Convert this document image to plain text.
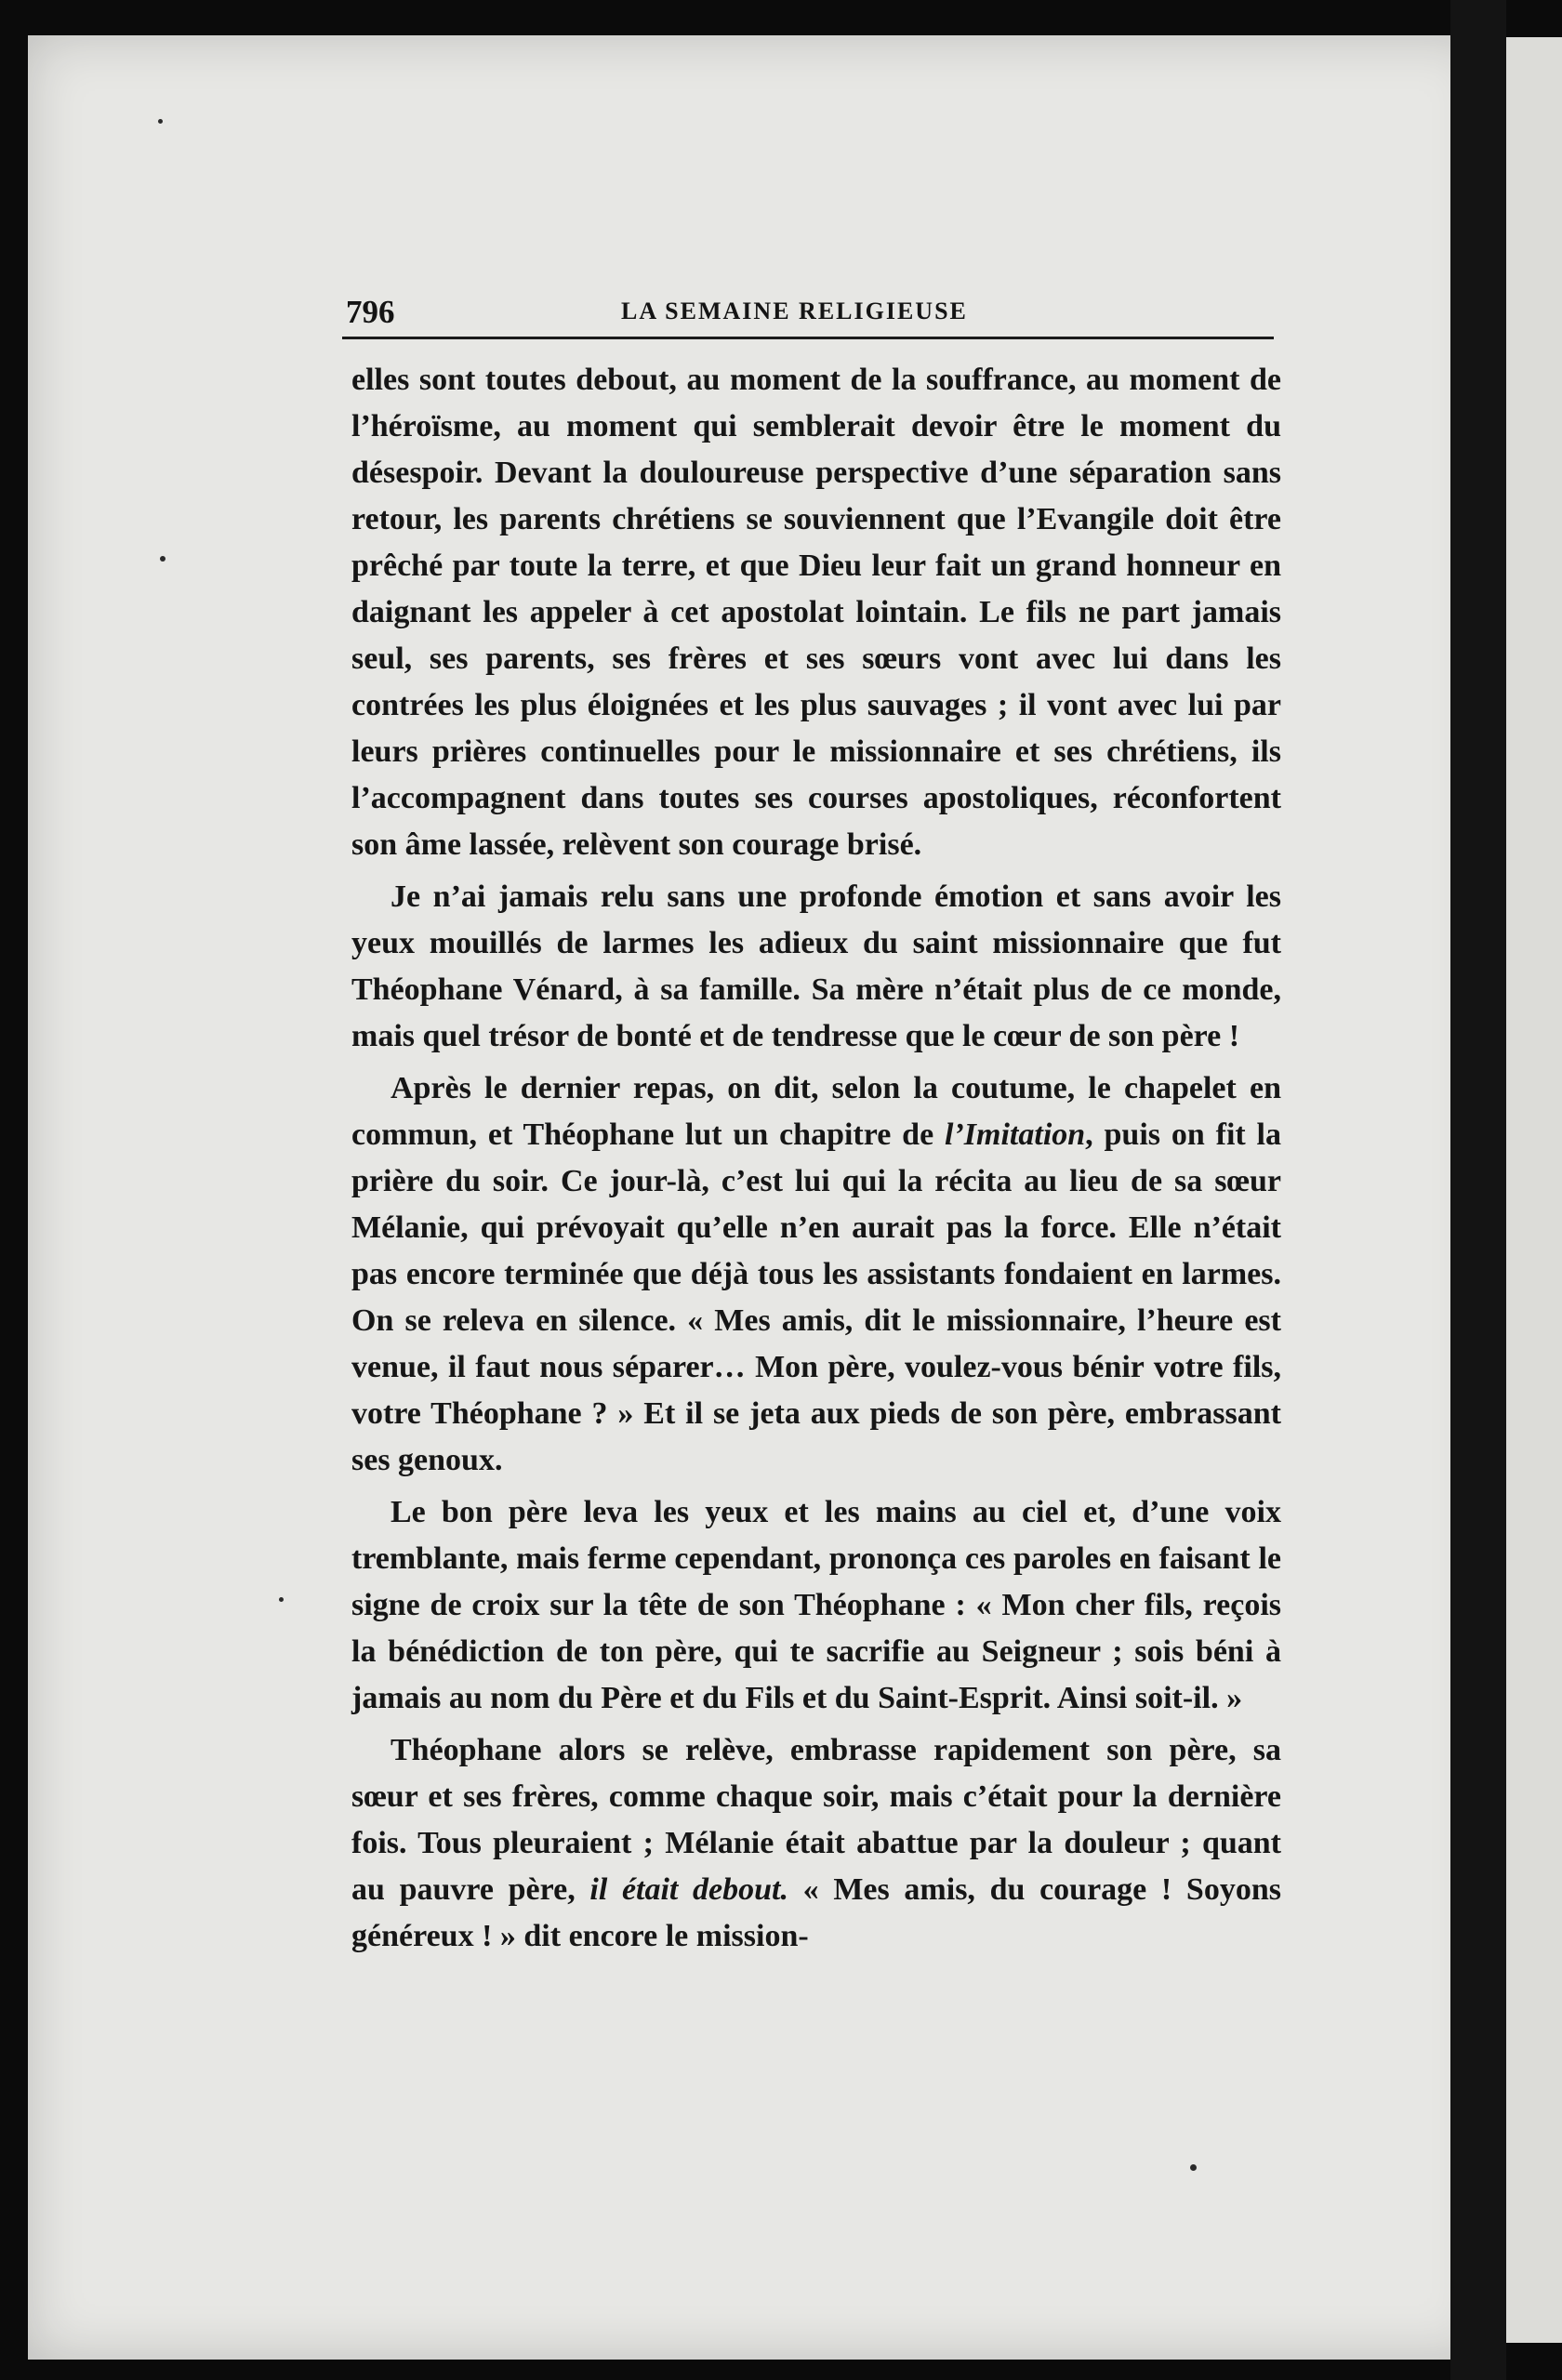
796	LA SEMAINE RELIGIEUSE

elles sont toutes debout, au moment de la souffrance, au moment de l’héroïsme, au moment qui semblerait devoir être le moment du désespoir. Devant la douloureuse perspective d’une séparation sans retour, les parents chrétiens se souviennent que l’Evangile doit être prêché par toute la terre, et que Dieu leur fait un grand honneur en daignant les appeler à cet apostolat lointain. Le fils ne part jamais seul, ses parents, ses frères et ses sœurs vont avec lui dans les contrées les plus éloignées et les plus sauvages ; il vont avec lui par leurs prières continuelles pour le missionnaire et ses chrétiens, ils l’accompagnent dans toutes ses courses apostoliques, réconfortent son âme lassée, relèvent son courage brisé.

Je n’ai jamais relu sans une profonde émotion et sans avoir les yeux mouillés de larmes les adieux du saint missionnaire que fut Théophane Vénard, à sa famille. Sa mère n’était plus de ce monde, mais quel trésor de bonté et de tendresse que le cœur de son père !

Après le dernier repas, on dit, selon la coutume, le chapelet en commun, et Théophane lut un chapitre de l’Imitation, puis on fit la prière du soir. Ce jour-là, c’est lui qui la récita au lieu de sa sœur Mélanie, qui prévoyait qu’elle n’en aurait pas la force. Elle n’était pas encore terminée que déjà tous les assistants fondaient en larmes. On se releva en silence. « Mes amis, dit le missionnaire, l’heure est venue, il faut nous séparer… Mon père, voulez-vous bénir votre fils, votre Théophane ? » Et il se jeta aux pieds de son père, embrassant ses genoux.

Le bon père leva les yeux et les mains au ciel et, d’une voix tremblante, mais ferme cependant, prononça ces paroles en faisant le signe de croix sur la tête de son Théophane : « Mon cher fils, reçois la bénédiction de ton père, qui te sacrifie au Seigneur ; sois béni à jamais au nom du Père et du Fils et du Saint-Esprit. Ainsi soit-il. »

Théophane alors se relève, embrasse rapidement son père, sa sœur et ses frères, comme chaque soir, mais c’était pour la dernière fois. Tous pleuraient ; Mélanie était abattue par la douleur ; quant au pauvre père, il était debout. « Mes amis, du courage ! Soyons généreux ! » dit encore le mission-
